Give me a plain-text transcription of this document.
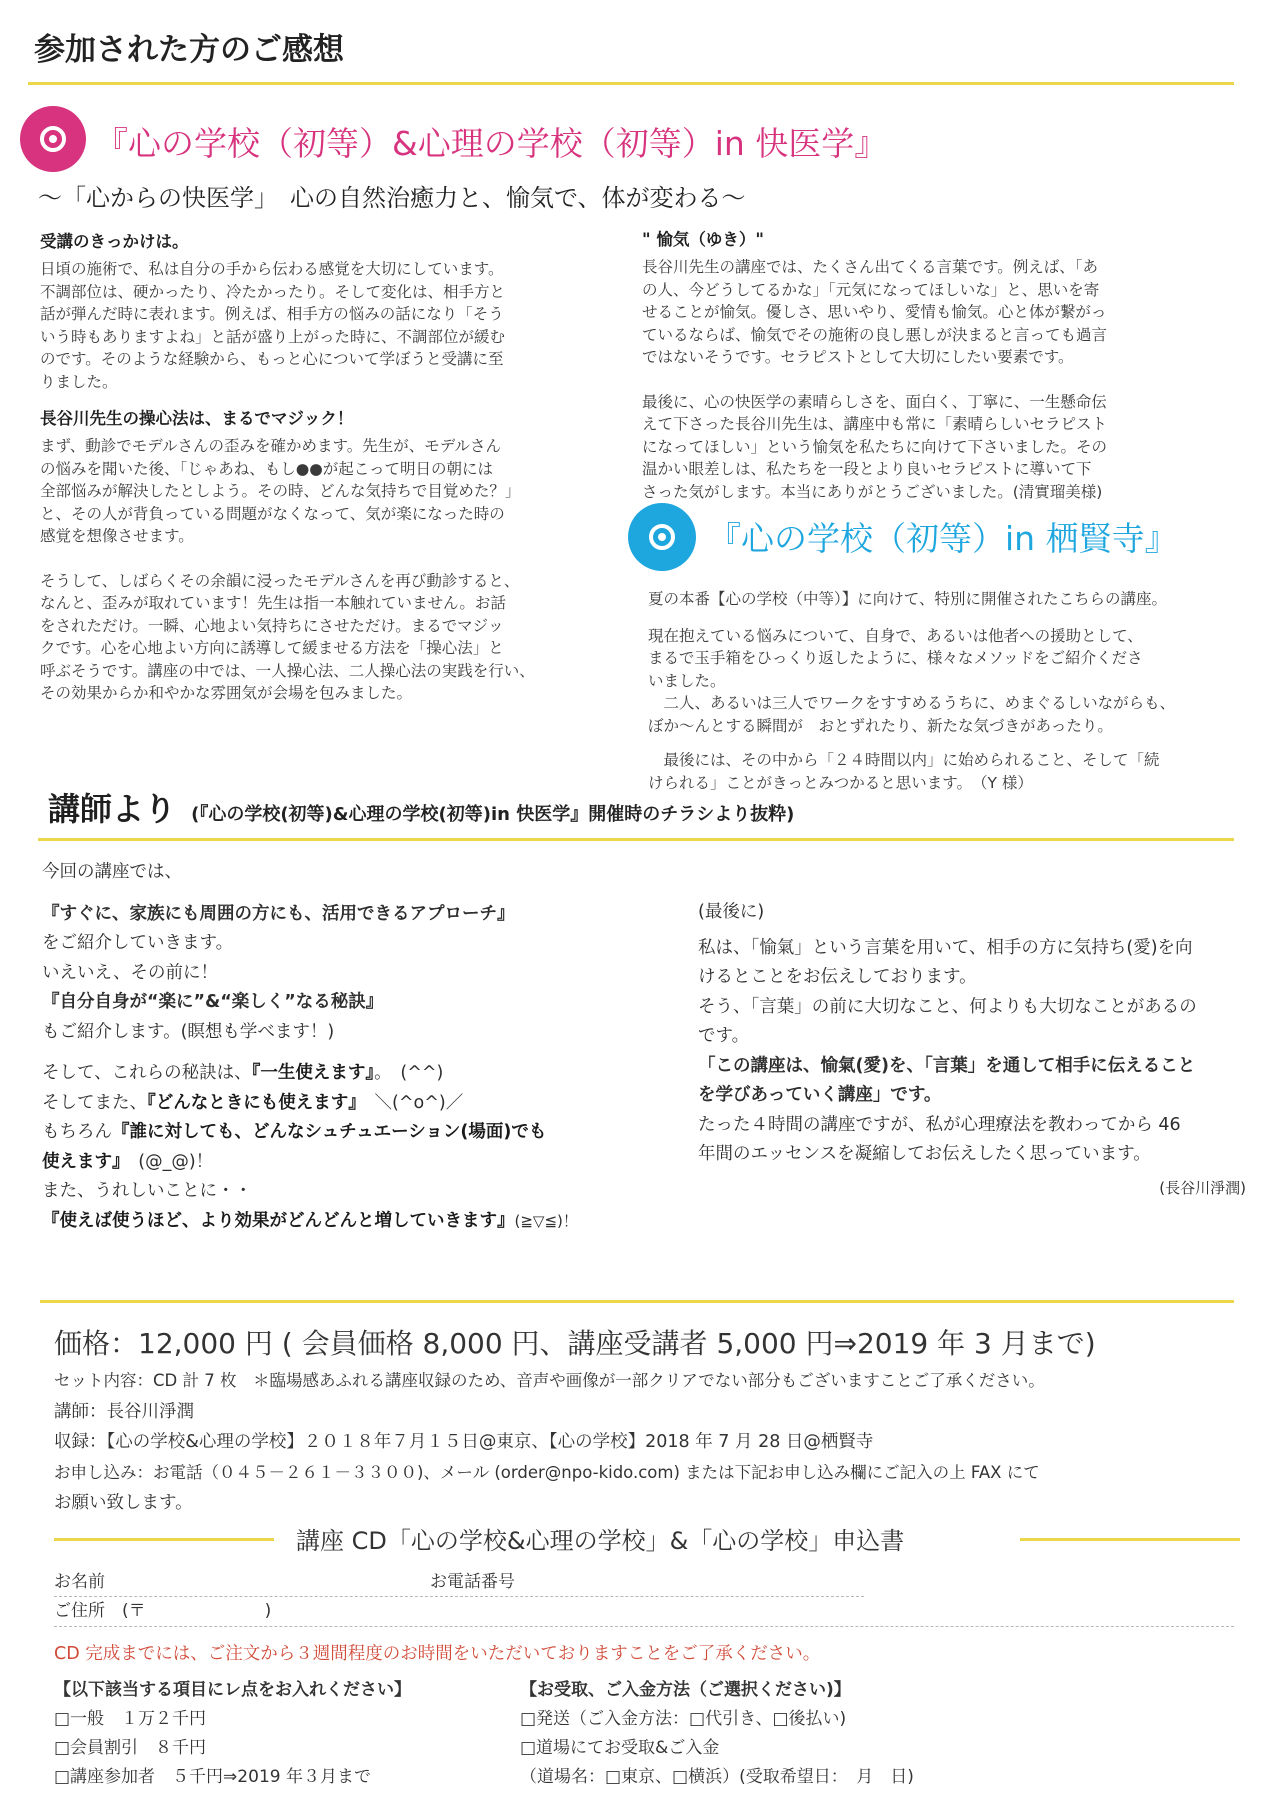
参加された方のご感想
『心の学校（初等）&心理の学校（初等）in 快医学』
〜「心からの快医学」　心の自然治癒力と、愉気で、体が変わる〜
受講のきっかけは。

日頃の施術で、私は自分の手から伝わる感覚を大切にしています。
不調部位は、硬かったり、冷たかったり。そして変化は、相手方と
話が弾んだ時に表れます。例えば、相手方の悩みの話になり「そう
いう時もありますよね」と話が盛り上がった時に、不調部位が緩む
のです。そのような経験から、もっと心について学ぼうと受講に至
りました。

長谷川先生の操心法は、まるでマジック！

まず、動診でモデルさんの歪みを確かめます。先生が、モデルさん
の悩みを聞いた後、「じゃあね、もし●●が起こって明日の朝には
全部悩みが解決したとしよう。その時、どんな気持ちで目覚めた？」
と、その人が背負っている問題がなくなって、気が楽になった時の
感覚を想像させます。

そうして、しばらくその余韻に浸ったモデルさんを再び動診すると、
なんと、歪みが取れています！先生は指一本触れていません。お話
をされただけ。一瞬、心地よい気持ちにさせただけ。まるでマジッ
クです。心を心地よい方向に誘導して緩ませる方法を「操心法」と
呼ぶそうです。講座の中では、一人操心法、二人操心法の実践を行い、
その効果からか和やかな雰囲気が会場を包みました。

" 愉気（ゆき）"

長谷川先生の講座では、たくさん出てくる言葉です。例えば、「あ
の人、今どうしてるかな」「元気になってほしいな」と、思いを寄
せることが愉気。優しさ、思いやり、愛情も愉気。心と体が繋がっ
ているならば、愉気でその施術の良し悪しが決まると言っても過言
ではないそうです。セラピストとして大切にしたい要素です。

最後に、心の快医学の素晴らしさを、面白く、丁寧に、一生懸命伝
えて下さった長谷川先生は、講座中も常に「素晴らしいセラピスト
になってほしい」という愉気を私たちに向けて下さいました。その
温かい眼差しは、私たちを一段とより良いセラピストに導いて下
さった気がします。本当にありがとうございました。(清實瑠美様)

『心の学校（初等）in 栖賢寺』

夏の本番【心の学校（中等）】に向けて、特別に開催されたこちらの講座。

現在抱えている悩みについて、自身で、あるいは他者への援助として、
まるで玉手箱をひっくり返したように、様々なメソッドをご紹介くださ
いました。
　二人、あるいは三人でワークをすすめるうちに、めまぐるしいながらも、
ぼか〜んとする瞬間が　おとずれたり、新たな気づきがあったり。

　最後には、その中から「２４時間以内」に始められること、そして「続
けられる」ことがきっとみつかると思います。　（Y 様）

講師より (『心の学校(初等)&心理の学校(初等)in 快医学』開催時のチラシより抜粋)
今回の講座では、
『すぐに、家族にも周囲の方にも、活用できるアプローチ』
をご紹介していきます。
いえいえ、その前に！
『自分自身が“楽に”&“楽しく”なる秘訣』
もご紹介します。(瞑想も学べます！)
そして、これらの秘訣は、『一生使えます』。　(^^)
そしてまた、『どんなときにも使えます』　＼(^o^)／
もちろん『誰に対しても、どんなシュチュエーション(場面)でも
使えます』　(@_@)！
また、うれしいことに・・
『使えば使うほど、より効果がどんどんと増していきます』(≧▽≦)！
(最後に)
私は、「愉氣」という言葉を用いて、相手の方に気持ち(愛)を向
けるとことをお伝えしております。
そう、「言葉」の前に大切なこと、何よりも大切なことがあるの
です。
「この講座は、愉氣(愛)を、「言葉」を通して相手に伝えること
を学びあっていく講座」です。
たった４時間の講座ですが、私が心理療法を教わってから 46
年間のエッセンスを凝縮してお伝えしたく思っています。
(長谷川淨潤)
価格：12,000 円 ( 会員価格 8,000 円、講座受講者 5,000 円⇒2019 年 3 月まで)
セット内容：CD 計 7 枚　＊臨場感あふれる講座収録のため、音声や画像が一部クリアでない部分もございますことご了承ください。
講師：長谷川淨潤
収録：【心の学校&心理の学校】２０１８年７月１５日@東京、【心の学校】2018 年 7 月 28 日@栖賢寺
お申し込み：お電話（０４５－２６１－３３００)、メール (order@npo-kido.com) または下記お申し込み欄にご記入の上 FAX にて
お願い致します。
講座 CD「心の学校&心理の学校」&「心の学校」申込書
お名前	お電話番号
ご住所　(〒　　　　　　　)
CD 完成までには、ご注文から３週間程度のお時間をいただいておりますことをご了承ください。
【以下該当する項目にレ点をお入れください】
□一般　１万２千円
□会員割引　８千円
□講座参加者　５千円⇒2019 年３月まで
【お受取、ご入金方法（ご選択ください)】
□発送（ご入金方法：□代引き、□後払い)
□道場にてお受取&ご入金
（道場名：□東京、□横浜）(受取希望日：　月　日)
